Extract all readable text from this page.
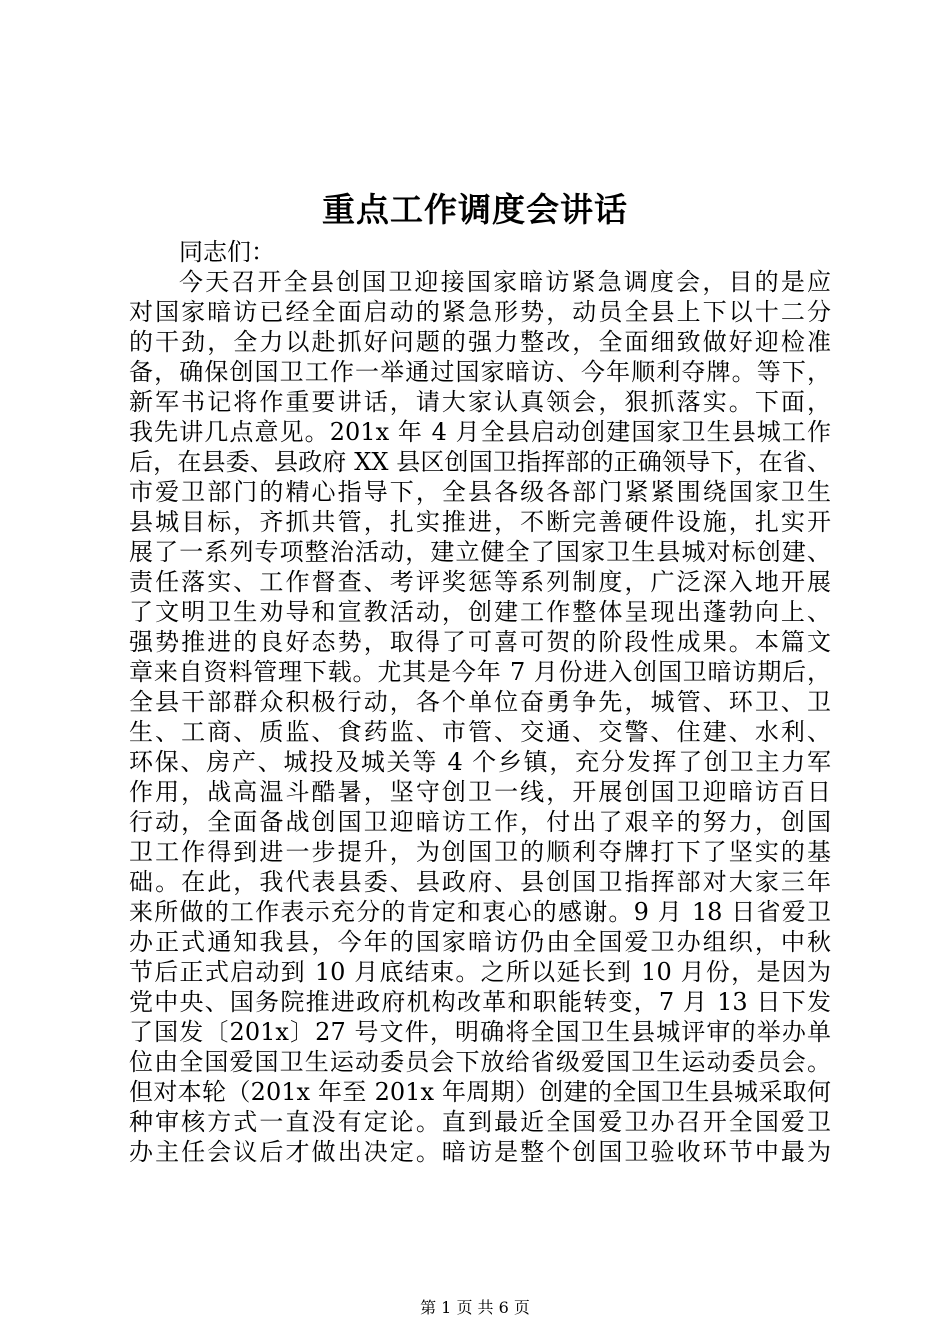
重点工作调度会讲话
同志们：
今天召开全县创国卫迎接国家暗访紧急调度会，目的是应
对国家暗访已经全面启动的紧急形势，动员全县上下以十二分
的干劲，全力以赴抓好问题的强力整改，全面细致做好迎检准
备，确保创国卫工作一举通过国家暗访、今年顺利夺牌。等下，
新军书记将作重要讲话，请大家认真领会，狠抓落实。下面，
我先讲几点意见。201x 年 4 月全县启动创建国家卫生县城工作
后，在县委、县政府 XX 县区创国卫指挥部的正确领导下，在省、
市爱卫部门的精心指导下，全县各级各部门紧紧围绕国家卫生
县城目标，齐抓共管，扎实推进，不断完善硬件设施，扎实开
展了一系列专项整治活动，建立健全了国家卫生县城对标创建、
责任落实、工作督查、考评奖惩等系列制度，广泛深入地开展
了文明卫生劝导和宣教活动，创建工作整体呈现出蓬勃向上、
强势推进的良好态势，取得了可喜可贺的阶段性成果。本篇文
章来自资料管理下载。尤其是今年 7 月份进入创国卫暗访期后，
全县干部群众积极行动，各个单位奋勇争先，城管、环卫、卫
生、工商、质监、食药监、市管、交通、交警、住建、水利、
环保、房产、城投及城关等 4 个乡镇，充分发挥了创卫主力军
作用，战高温斗酷暑，坚守创卫一线，开展创国卫迎暗访百日
行动，全面备战创国卫迎暗访工作，付出了艰辛的努力，创国
卫工作得到进一步提升，为创国卫的顺利夺牌打下了坚实的基
础。在此，我代表县委、县政府、县创国卫指挥部对大家三年
来所做的工作表示充分的肯定和衷心的感谢。9 月 18 日省爱卫
办正式通知我县，今年的国家暗访仍由全国爱卫办组织，中秋
节后正式启动到 10 月底结束。之所以延长到 10 月份，是因为
党中央、国务院推进政府机构改革和职能转变，7 月 13 日下发
了国发〔201x〕27 号文件，明确将全国卫生县城评审的举办单
位由全国爱国卫生运动委员会下放给省级爱国卫生运动委员会。
但对本轮（201x 年至 201x 年周期）创建的全国卫生县城采取何
种审核方式一直没有定论。直到最近全国爱卫办召开全国爱卫
办主任会议后才做出决定。暗访是整个创国卫验收环节中最为
第 1 页 共 6 页
